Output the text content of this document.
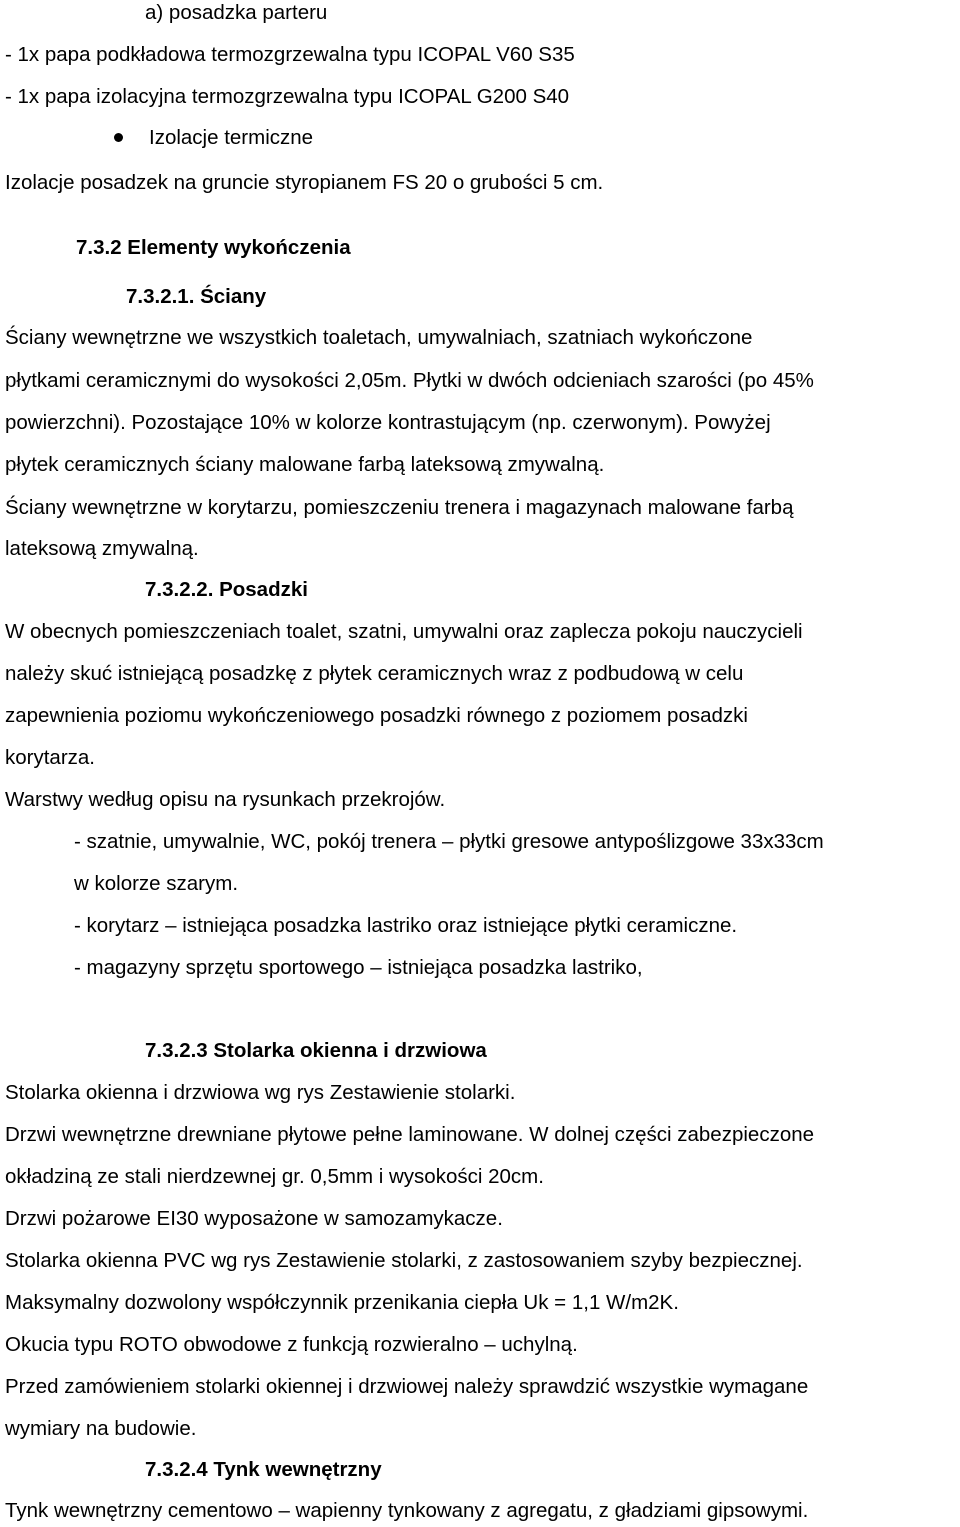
a) posadzka parteru
- 1x papa podkładowa termozgrzewalna typu ICOPAL V60 S35
- 1x papa izolacyjna termozgrzewalna typu ICOPAL G200 S40
Izolacje termiczne
Izolacje posadzek na gruncie styropianem FS 20 o grubości 5 cm.
7.3.2 Elementy wykończenia
7.3.2.1. Ściany
Ściany wewnętrzne we wszystkich toaletach, umywalniach, szatniach wykończone
płytkami ceramicznymi do wysokości 2,05m. Płytki w dwóch odcieniach szarości (po 45%
powierzchni). Pozostające 10% w kolorze kontrastującym (np. czerwonym). Powyżej
płytek ceramicznych ściany malowane farbą lateksową zmywalną.
Ściany wewnętrzne w korytarzu, pomieszczeniu trenera i magazynach malowane farbą
lateksową zmywalną.
7.3.2.2. Posadzki
W obecnych pomieszczeniach toalet, szatni, umywalni oraz zaplecza pokoju nauczycieli
należy skuć istniejącą posadzkę z płytek ceramicznych wraz z podbudową w celu
zapewnienia poziomu wykończeniowego posadzki równego z poziomem posadzki
korytarza.
Warstwy według opisu na rysunkach przekrojów.
- szatnie, umywalnie, WC, pokój trenera – płytki gresowe antypoślizgowe 33x33cm
w kolorze szarym.
- korytarz – istniejąca posadzka lastriko oraz istniejące płytki ceramiczne.
- magazyny sprzętu sportowego – istniejąca posadzka lastriko,
7.3.2.3 Stolarka okienna i drzwiowa
Stolarka okienna i drzwiowa wg rys Zestawienie stolarki.
Drzwi wewnętrzne drewniane płytowe pełne laminowane. W dolnej części zabezpieczone
okładziną ze stali nierdzewnej gr. 0,5mm i wysokości 20cm.
Drzwi pożarowe EI30 wyposażone w samozamykacze.
Stolarka okienna PVC wg rys Zestawienie stolarki, z zastosowaniem szyby bezpiecznej.
Maksymalny dozwolony współczynnik przenikania ciepła Uk = 1,1 W/m2K.
Okucia typu ROTO obwodowe z funkcją rozwieralno – uchylną.
Przed zamówieniem stolarki okiennej i drzwiowej należy sprawdzić wszystkie wymagane
wymiary na budowie.
7.3.2.4 Tynk wewnętrzny
Tynk wewnętrzny cementowo – wapienny tynkowany z agregatu, z gładziami gipsowymi.
